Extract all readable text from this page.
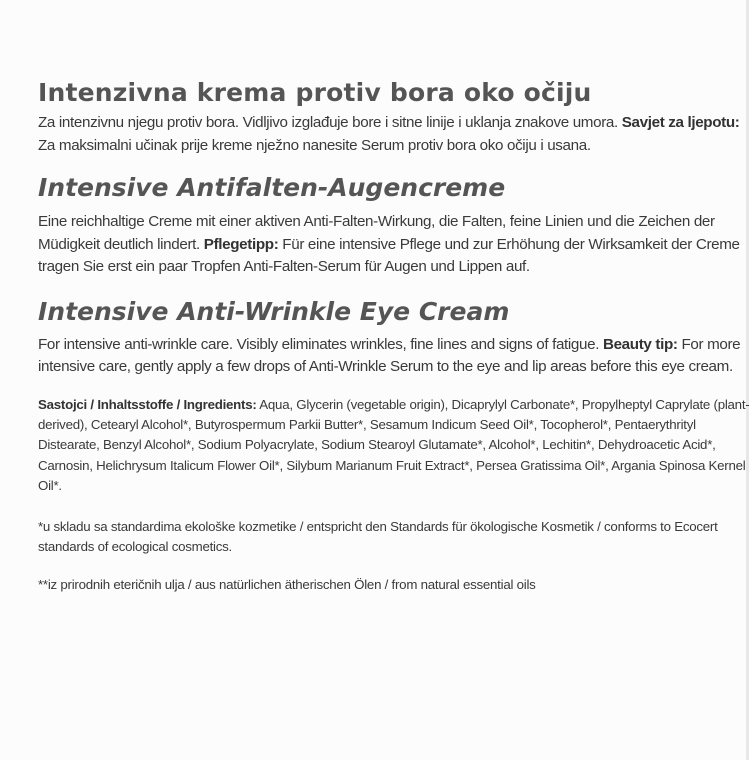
Intenzivna krema protiv bora oko očiju

Za intenzivnu njegu protiv bora. Vidljivo izglađuje bore i sitne linije i uklanja znakove umora. Savjet za ljepotu: Za maksimalni učinak prije kreme nježno nanesite Serum protiv bora oko očiju i usana.

Intensive Antifalten-Augencreme

Eine reichhaltige Creme mit einer aktiven Anti-Falten-Wirkung, die Falten, feine Linien und die Zeichen der Müdigkeit deutlich lindert. Pflegetipp: Für eine intensive Pflege und zur Erhöhung der Wirksamkeit der Creme tragen Sie erst ein paar Tropfen Anti-Falten-Serum für Augen und Lippen auf.

Intensive Anti-Wrinkle Eye Cream

For intensive anti-wrinkle care. Visibly eliminates wrinkles, fine lines and signs of fatigue. Beauty tip: For more intensive care, gently apply a few drops of Anti-Wrinkle Serum to the eye and lip areas before this eye cream.

Sastojci / Inhaltsstoffe / Ingredients: Aqua, Glycerin (vegetable origin), Dicaprylyl Carbonate*, Propylheptyl Caprylate (plant-derived), Cetearyl Alcohol*, Butyrospermum Parkii Butter*, Sesamum Indicum Seed Oil*, Tocopherol*, Pentaerythrityl Distearate, Benzyl Alcohol*, Sodium Polyacrylate, Sodium Stearoyl Glutamate*, Alcohol*, Lechitin*, Dehydroacetic Acid*, Carnosin, Helichrysum Italicum Flower Oil*, Silybum Marianum Fruit Extract*, Persea Gratissima Oil*, Argania Spinosa Kernel Oil*.

*u skladu sa standardima ekološke kozmetike / entspricht den Standards für ökologische Kosmetik / conforms to Ecocert standards of ecological cosmetics.

**iz prirodnih eteričnih ulja / aus natürlichen ätherischen Ölen / from natural essential oils
